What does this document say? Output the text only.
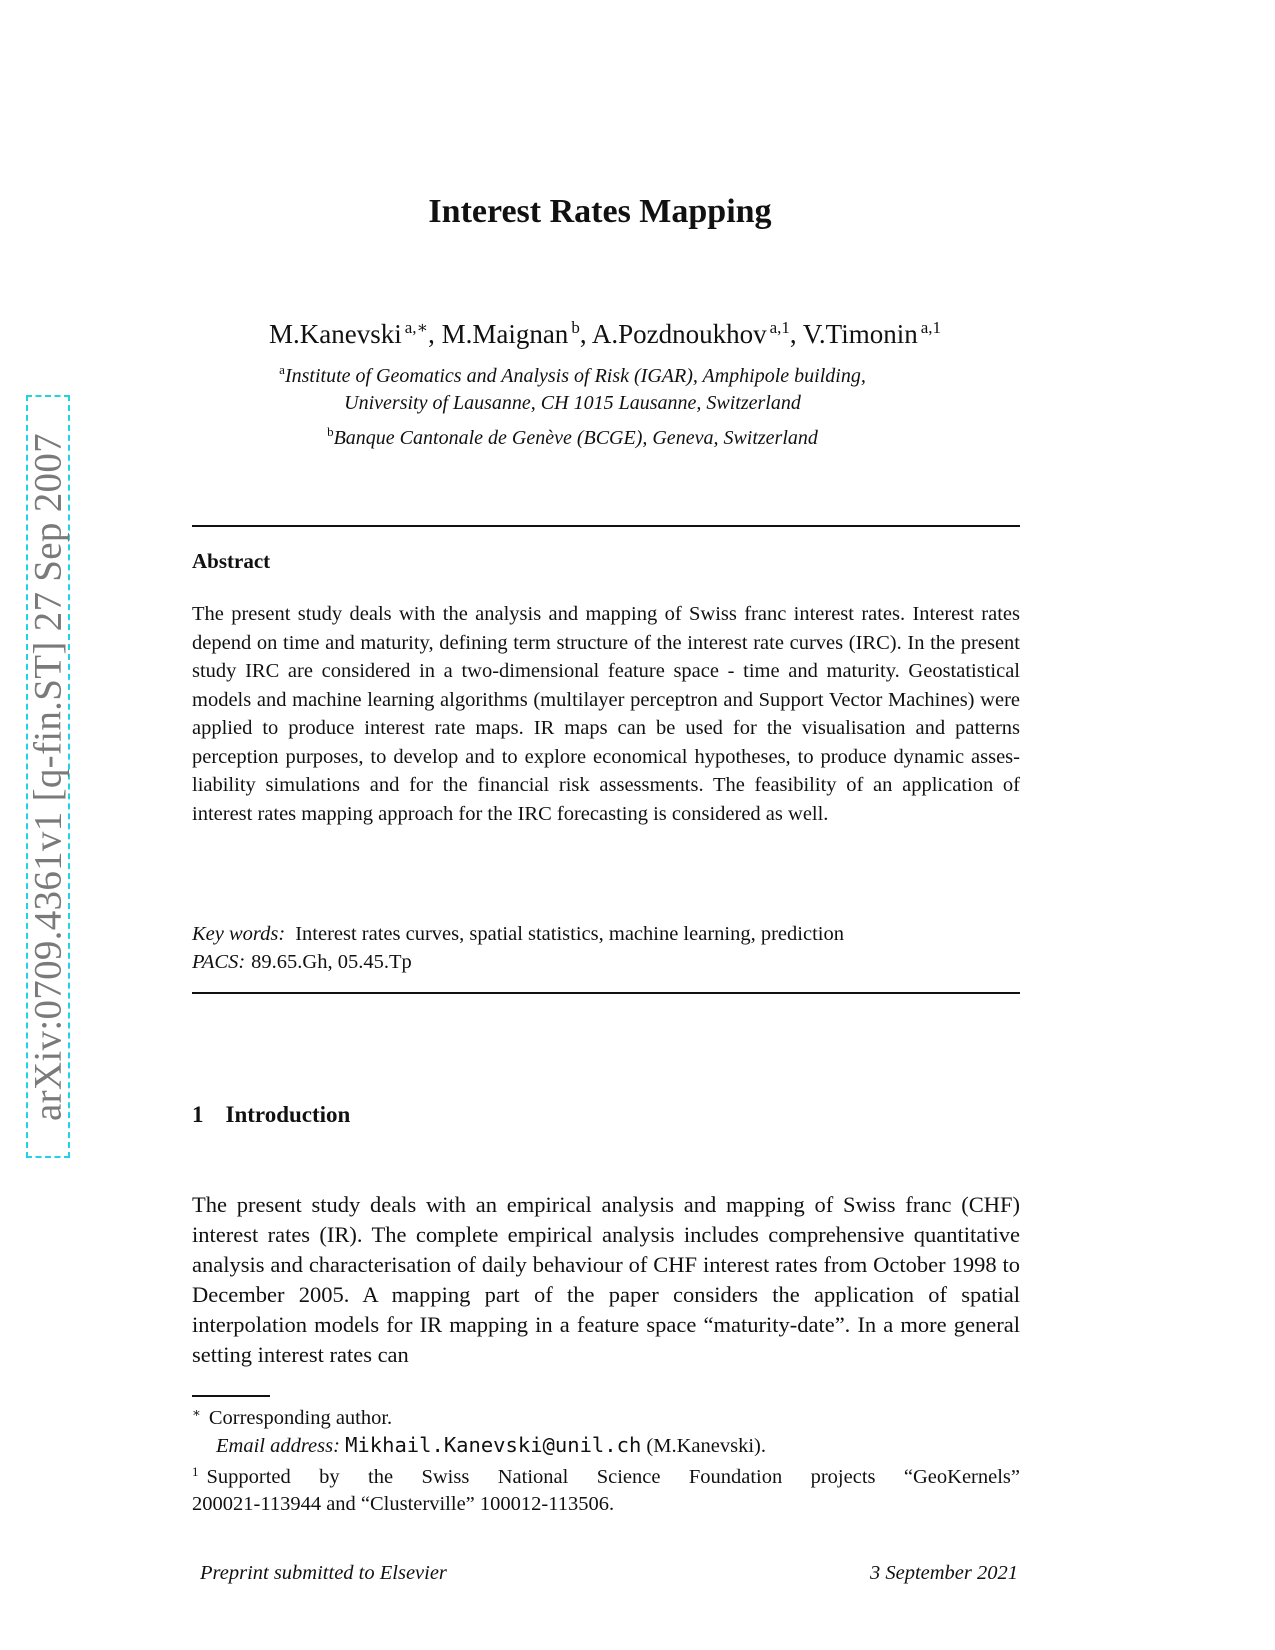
arXiv:0709.4361v1 [q-fin.ST] 27 Sep 2007
Interest Rates Mapping
M.Kanevski $^{a,∗}$, M.Maignan $^b$, A.Pozdnoukhov $^{a,1}$, V.Timonin $^{a,1}$
$^a$Institute of Geomatics and Analysis of Risk (IGAR), Amphipole building,
University of Lausanne, CH 1015 Lausanne, Switzerland
$^b$Banque Cantonale de Genève (BCGE), Geneva, Switzerland
Abstract

The present study deals with the analysis and mapping of Swiss franc interest rates. Interest rates depend on time and maturity, defining term structure of the interest rate curves (IRC). In the present study IRC are considered in a two-dimensional feature space - time and maturity. Geostatistical models and machine learning algorithms (multilayer perceptron and Support Vector Machines) were applied to produce interest rate maps. IR maps can be used for the visualisation and patterns perception purposes, to develop and to explore economical hypotheses, to produce dynamic asses-liability simulations and for the financial risk assessments. The feasibility of an application of interest rates mapping approach for the IRC forecasting is considered as well.

Key words: Interest rates curves, spatial statistics, machine learning, prediction
PACS: 89.65.Gh, 05.45.Tp
1 Introduction

The present study deals with an empirical analysis and mapping of Swiss franc (CHF) interest rates (IR). The complete empirical analysis includes comprehensive quantitative analysis and characterisation of daily behaviour of CHF interest rates from October 1998 to December 2005. A mapping part of the paper considers the application of spatial interpolation models for IR mapping in a feature space “maturity-date”. In a more general setting interest rates can

∗ Corresponding author.
Email address: Mikhail.Kanevski@unil.ch (M.Kanevski).
$^1$ Supported by the Swiss National Science Foundation projects “GeoKernels”
200021-113944 and “Clusterville” 100012-113506.
Preprint submitted to Elsevier	3 September 2021
